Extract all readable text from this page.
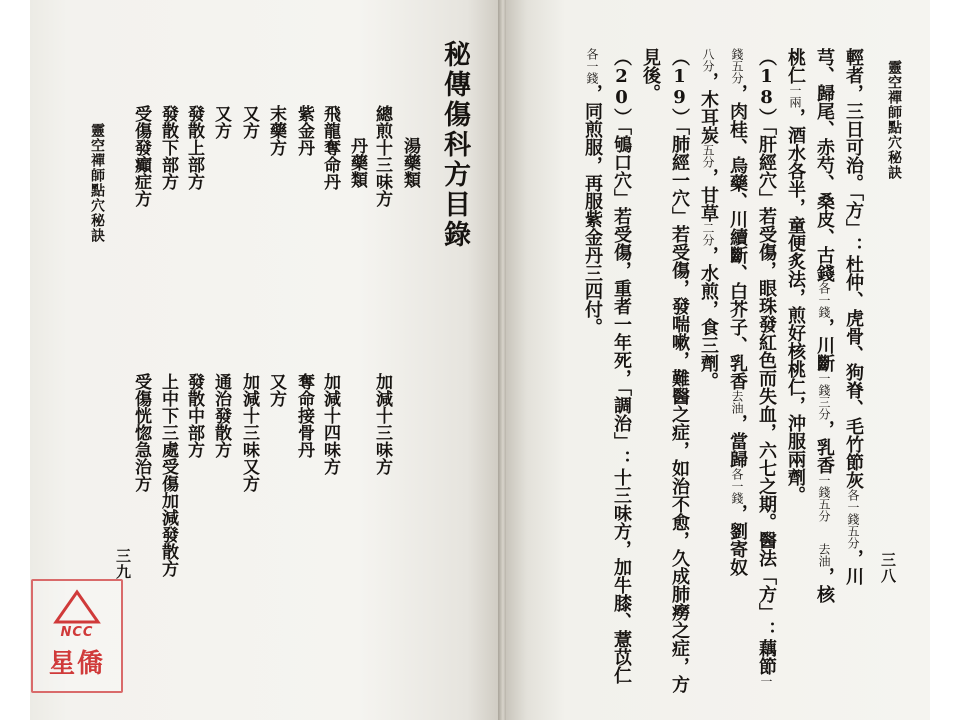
秘傳傷科方目錄
湯藥類
總煎十三味方
加減十三味方
丹藥類
飛龍奪命丹
加減十四味方
紫金丹
奪命接骨丹
末藥方
又方
又方
加減十三味又方
又方
通治發散方
發散上部方
發散中部方
發散下部方
上中下三處受傷加減發散方
受傷發癲症方
受傷恍惚急治方
靈空禪師點穴秘訣
三九
靈空禪師點穴秘訣
輕者，三日可治。「方」：杜仲、虎骨、狗脊、毛竹節灰各一錢五分，川
芎、歸尾、赤芍、桑皮、古錢各一錢，川斷一錢三分，乳香一錢五分 去油，核
桃仁一兩，酒水各半，童便炙法，煎好核桃仁，沖服兩劑。
（18）「肝經穴」若受傷，眼珠發紅色而失血，六七之期。醫法「方」：藕節一
錢五分，肉桂、烏藥、川續斷、白芥子、乳香去油，當歸各一錢，劉寄奴
八分，木耳炭五分，甘草二分，水煎，食三劑。
（19）「肺經一穴」若受傷，發喘嗽，難醫之症，如治不愈，久成肺癆之症，方
見後。
（20）「鴝口穴」若受傷，重者一年死，「調治」：十三味方，加牛膝、薏苡仁
各一錢，同煎服，再服紫金丹三四付。
三八
NCC
星僑
